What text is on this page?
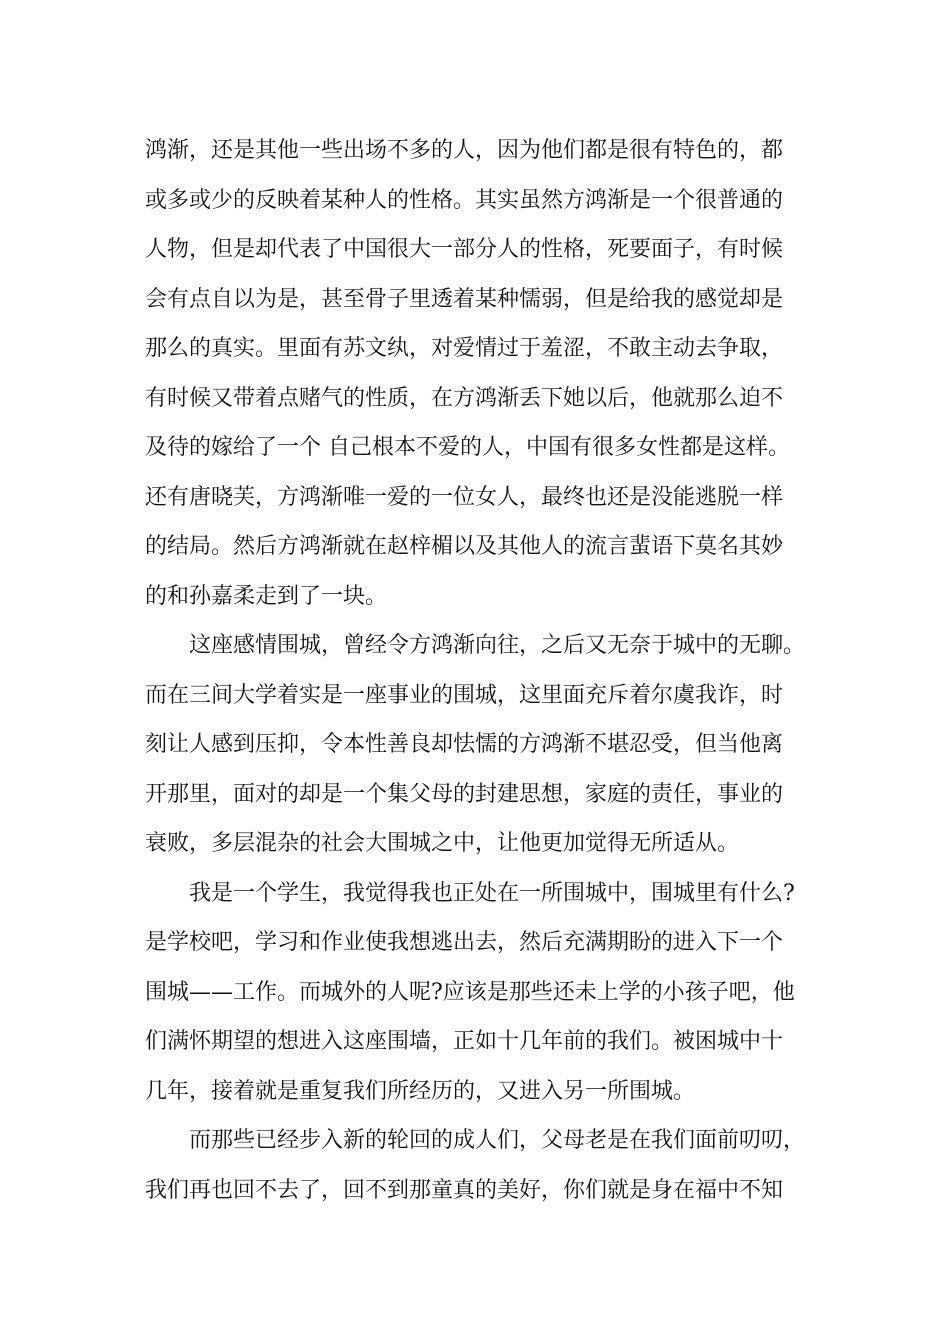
鸿渐，还是其他一些出场不多的人，因为他们都是很有特色的，都
或多或少的反映着某种人的性格。其实虽然方鸿渐是一个很普通的
人物，但是却代表了中国很大一部分人的性格，死要面子，有时候
会有点自以为是，甚至骨子里透着某种懦弱，但是给我的感觉却是
那么的真实。里面有苏文纨，对爱情过于羞涩，不敢主动去争取，
有时候又带着点赌气的性质，在方鸿渐丢下她以后，他就那么迫不
及待的嫁给了一个 自己根本不爱的人，中国有很多女性都是这样。
还有唐晓芙，方鸿渐唯一爱的一位女人，最终也还是没能逃脱一样
的结局。然后方鸿渐就在赵梓楣以及其他人的流言蜚语下莫名其妙
的和孙嘉柔走到了一块。
这座感情围城，曾经令方鸿渐向往，之后又无奈于城中的无聊。
而在三间大学着实是一座事业的围城，这里面充斥着尔虞我诈，时
刻让人感到压抑，令本性善良却怯懦的方鸿渐不堪忍受，但当他离
开那里，面对的却是一个集父母的封建思想，家庭的责任，事业的
衰败，多层混杂的社会大围城之中，让他更加觉得无所适从。
我是一个学生，我觉得我也正处在一所围城中，围城里有什么?
是学校吧，学习和作业使我想逃出去，然后充满期盼的进入下一个
围城——工作。而城外的人呢?应该是那些还未上学的小孩子吧，他
们满怀期望的想进入这座围墙，正如十几年前的我们。被困城中十
几年，接着就是重复我们所经历的，又进入另一所围城。
而那些已经步入新的轮回的成人们，父母老是在我们面前叨叨，
我们再也回不去了，回不到那童真的美好，你们就是身在福中不知
